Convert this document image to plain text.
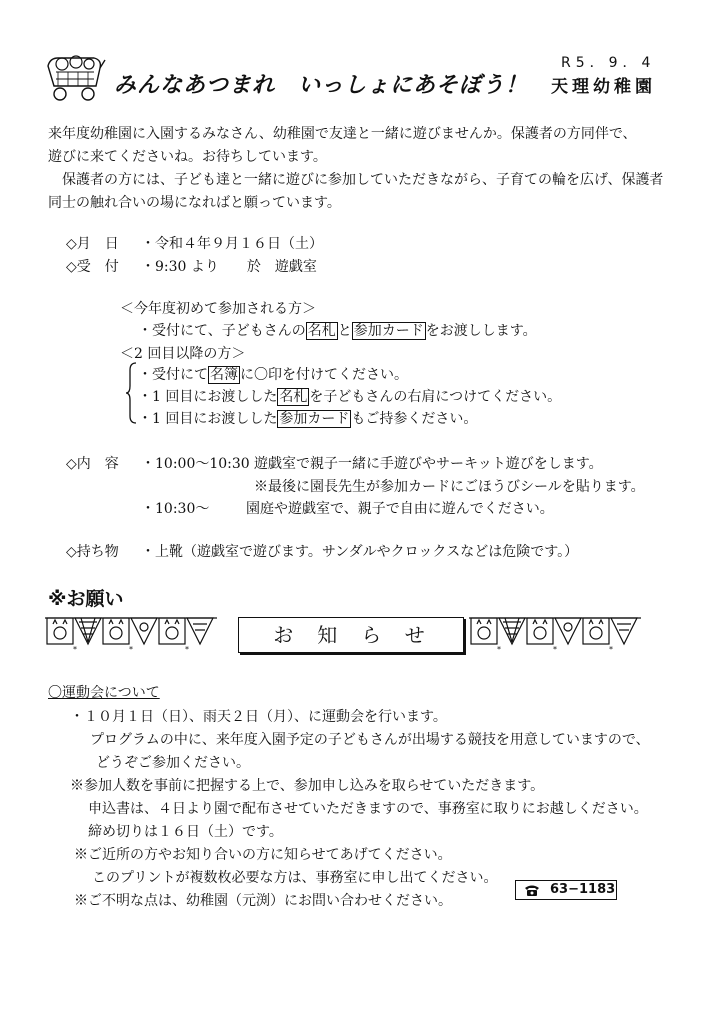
R5．9．4
天理幼稚園
みんなあつまれ　いっしょにあそぼう！
来年度幼稚園に入園するみなさん、幼稚園で友達と一緒に遊びませんか。保護者の方同伴で、
遊びに来てくださいね。お待ちしています。
保護者の方には、子ども達と一緒に遊びに参加していただきながら、子育ての輪を広げ、保護者
同士の触れ合いの場になればと願っています。
◇月　日 ・令和４年９月１６日（土）
◇受　付 ・9:30 より　　於　遊戯室
＜今年度初めて参加される方＞
・受付にて、子どもさんの 名札 と 参加カード をお渡しします。
＜2 回目以降の方＞
・受付にて 名簿 に〇印を付けてください。
・1 回目にお渡しした 名札 を子どもさんの右肩につけてください。
・1 回目にお渡しした 参加カード もご持参ください。
◇内　容 ・10:00〜10:30 遊戯室で親子一緒に手遊びやサーキット遊びをします。
※最後に園長先生が参加カードにごほうびシールを貼ります。
・10:30〜	園庭や遊戯室で、親子で自由に遊んでください。
◇持ち物 ・上靴（遊戯室で遊びます。サンダルやクロックスなどは危険です。）
※お願い
*	*	*	*	*	*
お知らせ
〇運動会について
・１０月１日（日）、雨天２日（月）、に運動会を行います。
プログラムの中に、来年度入園予定の子どもさんが出場する競技を用意していますので、
どうぞご参加ください。
※参加人数を事前に把握する上で、参加申し込みを取らせていただきます。
申込書は、４日より園で配布させていただきますので、事務室に取りにお越しください。
締め切りは１６日（土）です。
※ご近所の方やお知り合いの方に知らせてあげてください。
このプリントが複数枚必要な方は、事務室に申し出てください。
※ご不明な点は、幼稚園（元渕）にお問い合わせください。
63−1183
